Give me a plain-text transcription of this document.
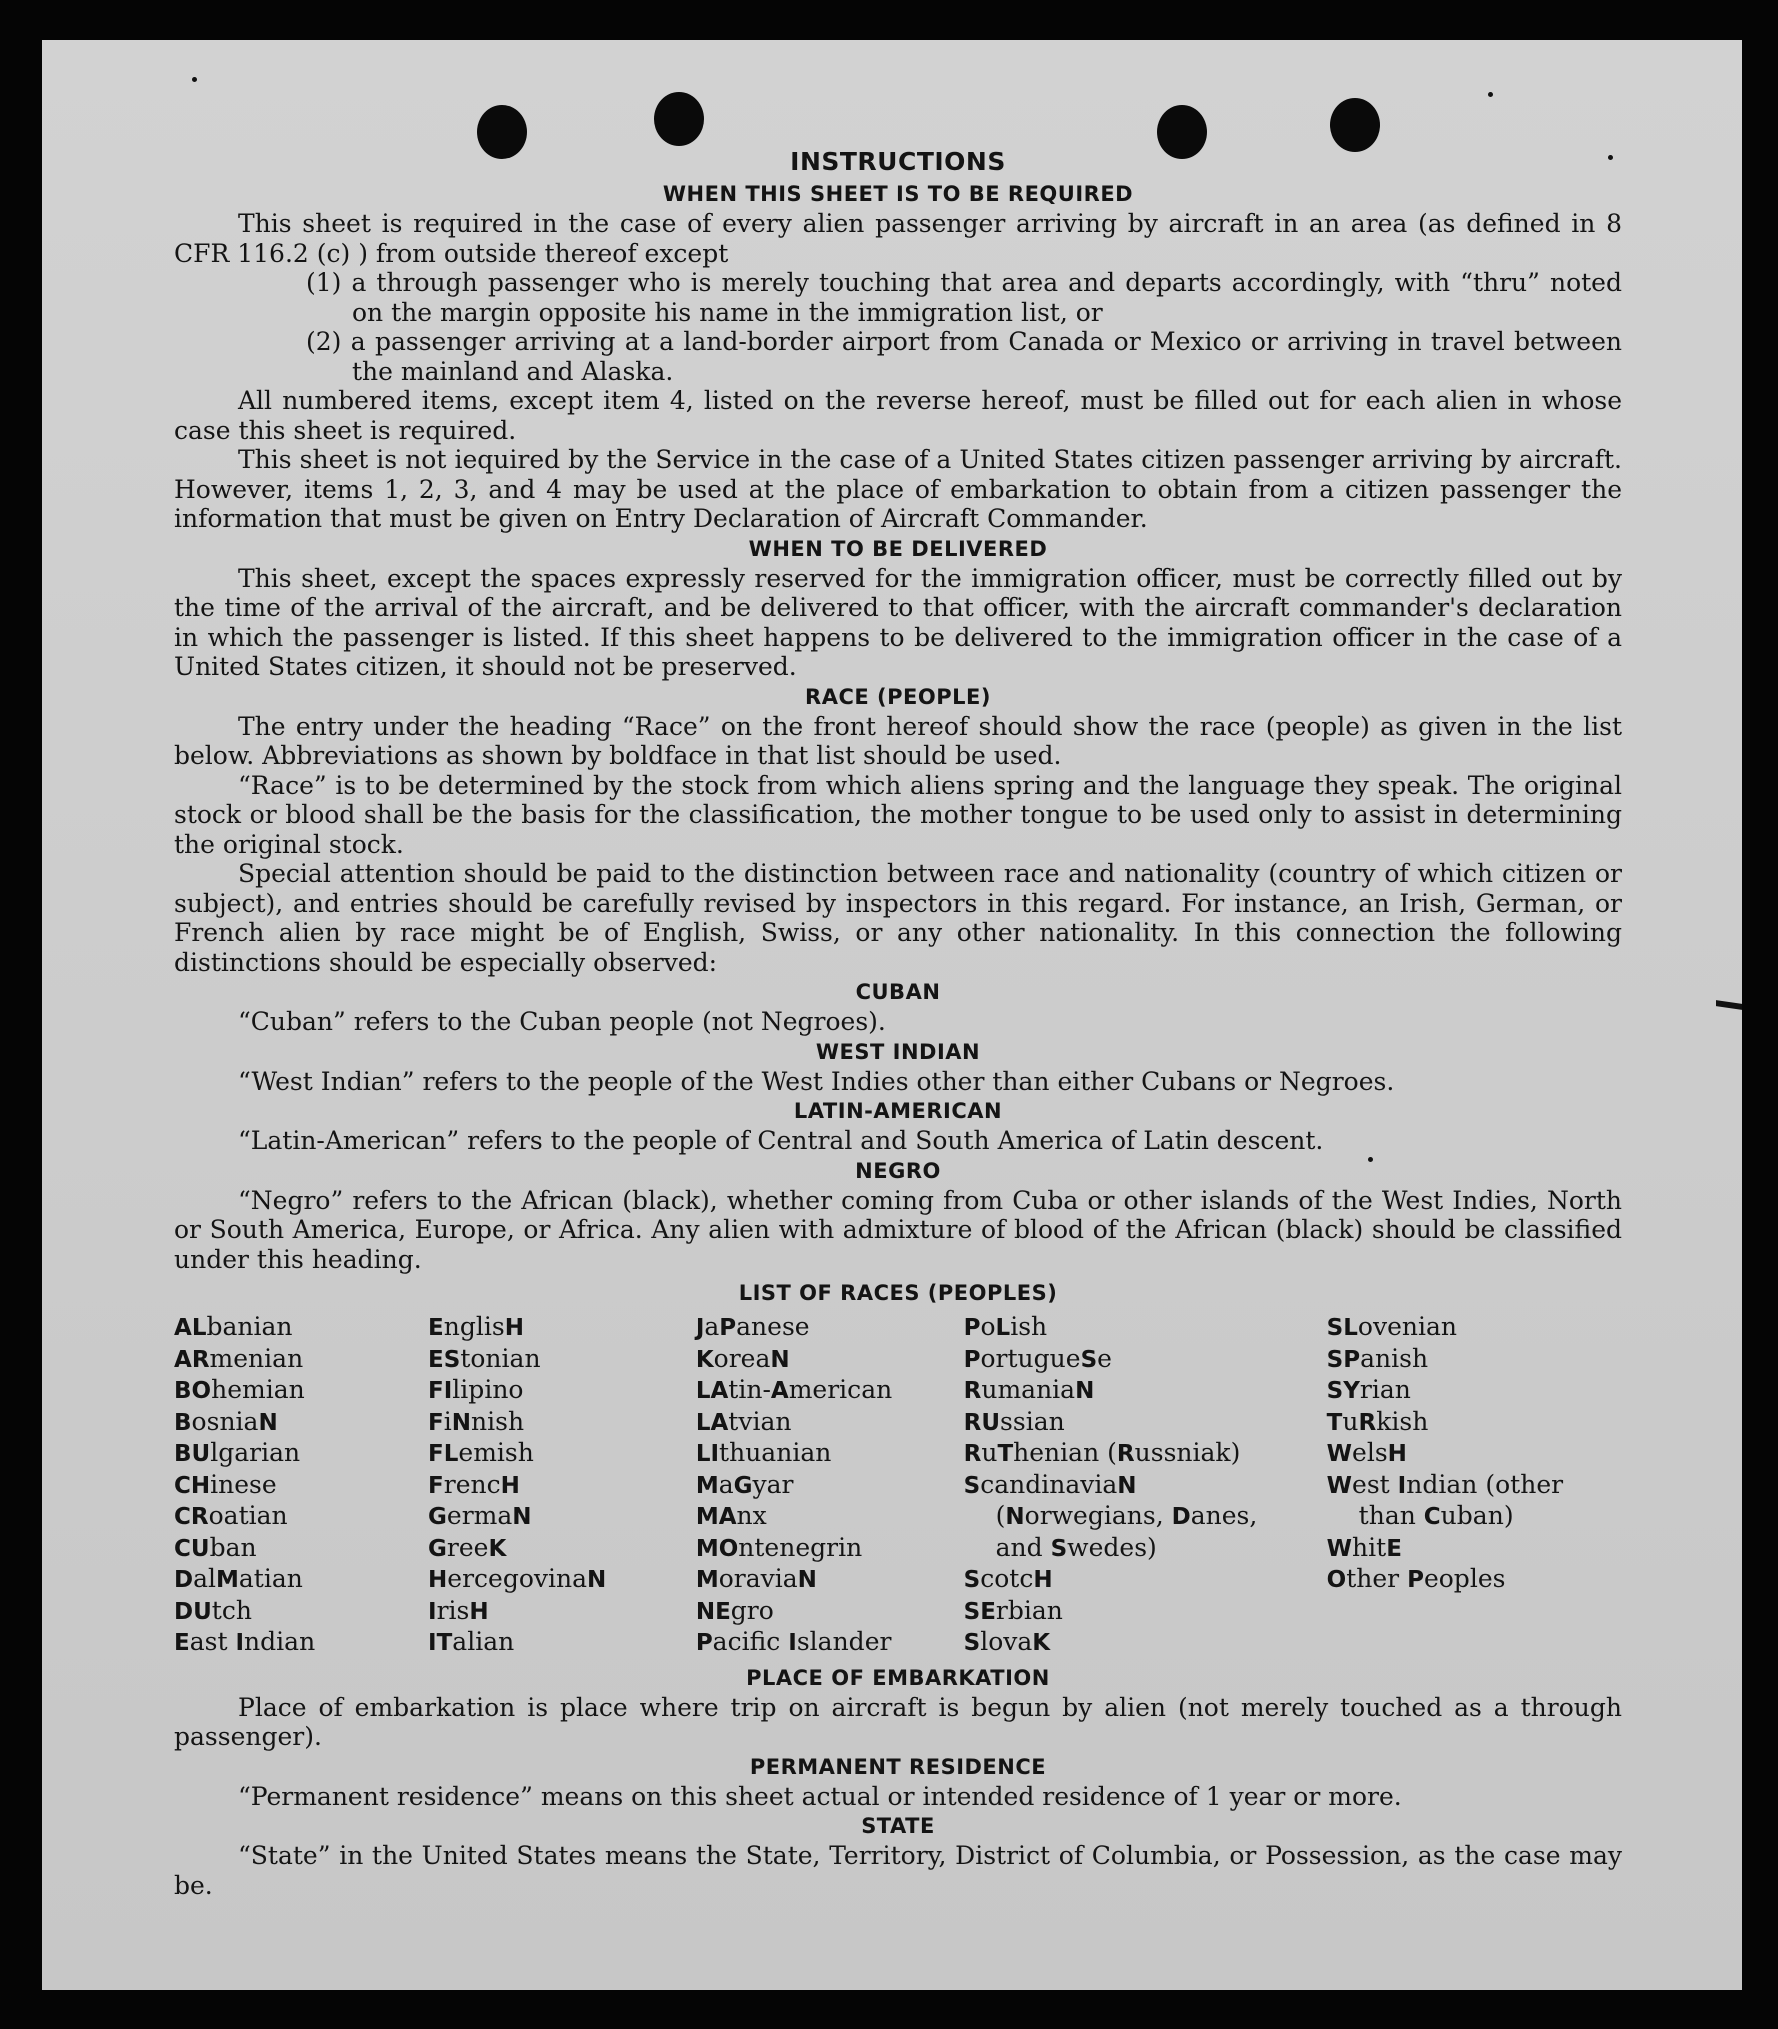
INSTRUCTIONS
WHEN THIS SHEET IS TO BE REQUIRED

This sheet is required in the case of every alien passenger arriving by aircraft in an area (as defined in 8 CFR 116.2 (c) ) from outside thereof except

(1) a through passenger who is merely touching that area and departs accordingly, with “thru” noted on the margin opposite his name in the immigration list, or

(2) a passenger arriving at a land-border airport from Canada or Mexico or arriving in travel between the mainland and Alaska.

All numbered items, except item 4, listed on the reverse hereof, must be filled out for each alien in whose case this sheet is required.

This sheet is not iequired by the Service in the case of a United States citizen passenger arriving by aircraft. However, items 1, 2, 3, and 4 may be used at the place of embarkation to obtain from a citizen passenger the information that must be given on Entry Declaration of Aircraft Commander.

WHEN TO BE DELIVERED

This sheet, except the spaces expressly reserved for the immigration officer, must be correctly filled out by the time of the arrival of the aircraft, and be delivered to that officer, with the aircraft commander's declaration in which the passenger is listed. If this sheet happens to be delivered to the immigration officer in the case of a United States citizen, it should not be preserved.

RACE (PEOPLE)

The entry under the heading “Race” on the front hereof should show the race (people) as given in the list below. Abbreviations as shown by boldface in that list should be used.

“Race” is to be determined by the stock from which aliens spring and the language they speak. The original stock or blood shall be the basis for the classification, the mother tongue to be used only to assist in determining the original stock.

Special attention should be paid to the distinction between race and nationality (country of which citizen or subject), and entries should be carefully revised by inspectors in this regard. For instance, an Irish, German, or French alien by race might be of English, Swiss, or any other nationality. In this connection the following distinctions should be especially observed:

CUBAN

“Cuban” refers to the Cuban people (not Negroes).

WEST INDIAN

“West Indian” refers to the people of the West Indies other than either Cubans or Negroes.

LATIN-AMERICAN

“Latin-American” refers to the people of Central and South America of Latin descent.

NEGRO

“Negro” refers to the African (black), whether coming from Cuba or other islands of the West Indies, North or South America, Europe, or Africa. Any alien with admixture of blood of the African (black) should be classified under this heading.

LIST OF RACES (PEOPLES)
ALbanian
ARmenian
BOhemian
BosniaN
BUlgarian
CHinese
CRoatian
CUban
DalMatian
DUtch
East Indian
EnglisH
EStonian
FIlipino
FiNnish
FLemish
FrencH
GermaN
GreeK
HercegovinaN
IrisH
ITalian
JaPanese
KoreaN
LAtin-American
LAtvian
LIthuanian
MaGyar
MAnx
MOntenegrin
MoraviaN
NEgro
Pacifc Islander
PoLish
PortugueSe
RumaniaN
RUssian
RuThenian (Russniak)
ScandinaviaN (Norwegians, Danes, and Swedes)
ScotcH
SErbian
SlovaK
SLovenian
SPanish
SYrian
TuRkish
WelsH
West Indian (other than Cuban)
WhitE
Other Peoples
PLACE OF EMBARKATION

Place of embarkation is place where trip on aircraft is begun by alien (not merely touched as a through passenger).

PERMANENT RESIDENCE

“Permanent residence” means on this sheet actual or intended residence of 1 year or more.

STATE

“State” in the United States means the State, Territory, District of Columbia, or Possession, as the case may be.
